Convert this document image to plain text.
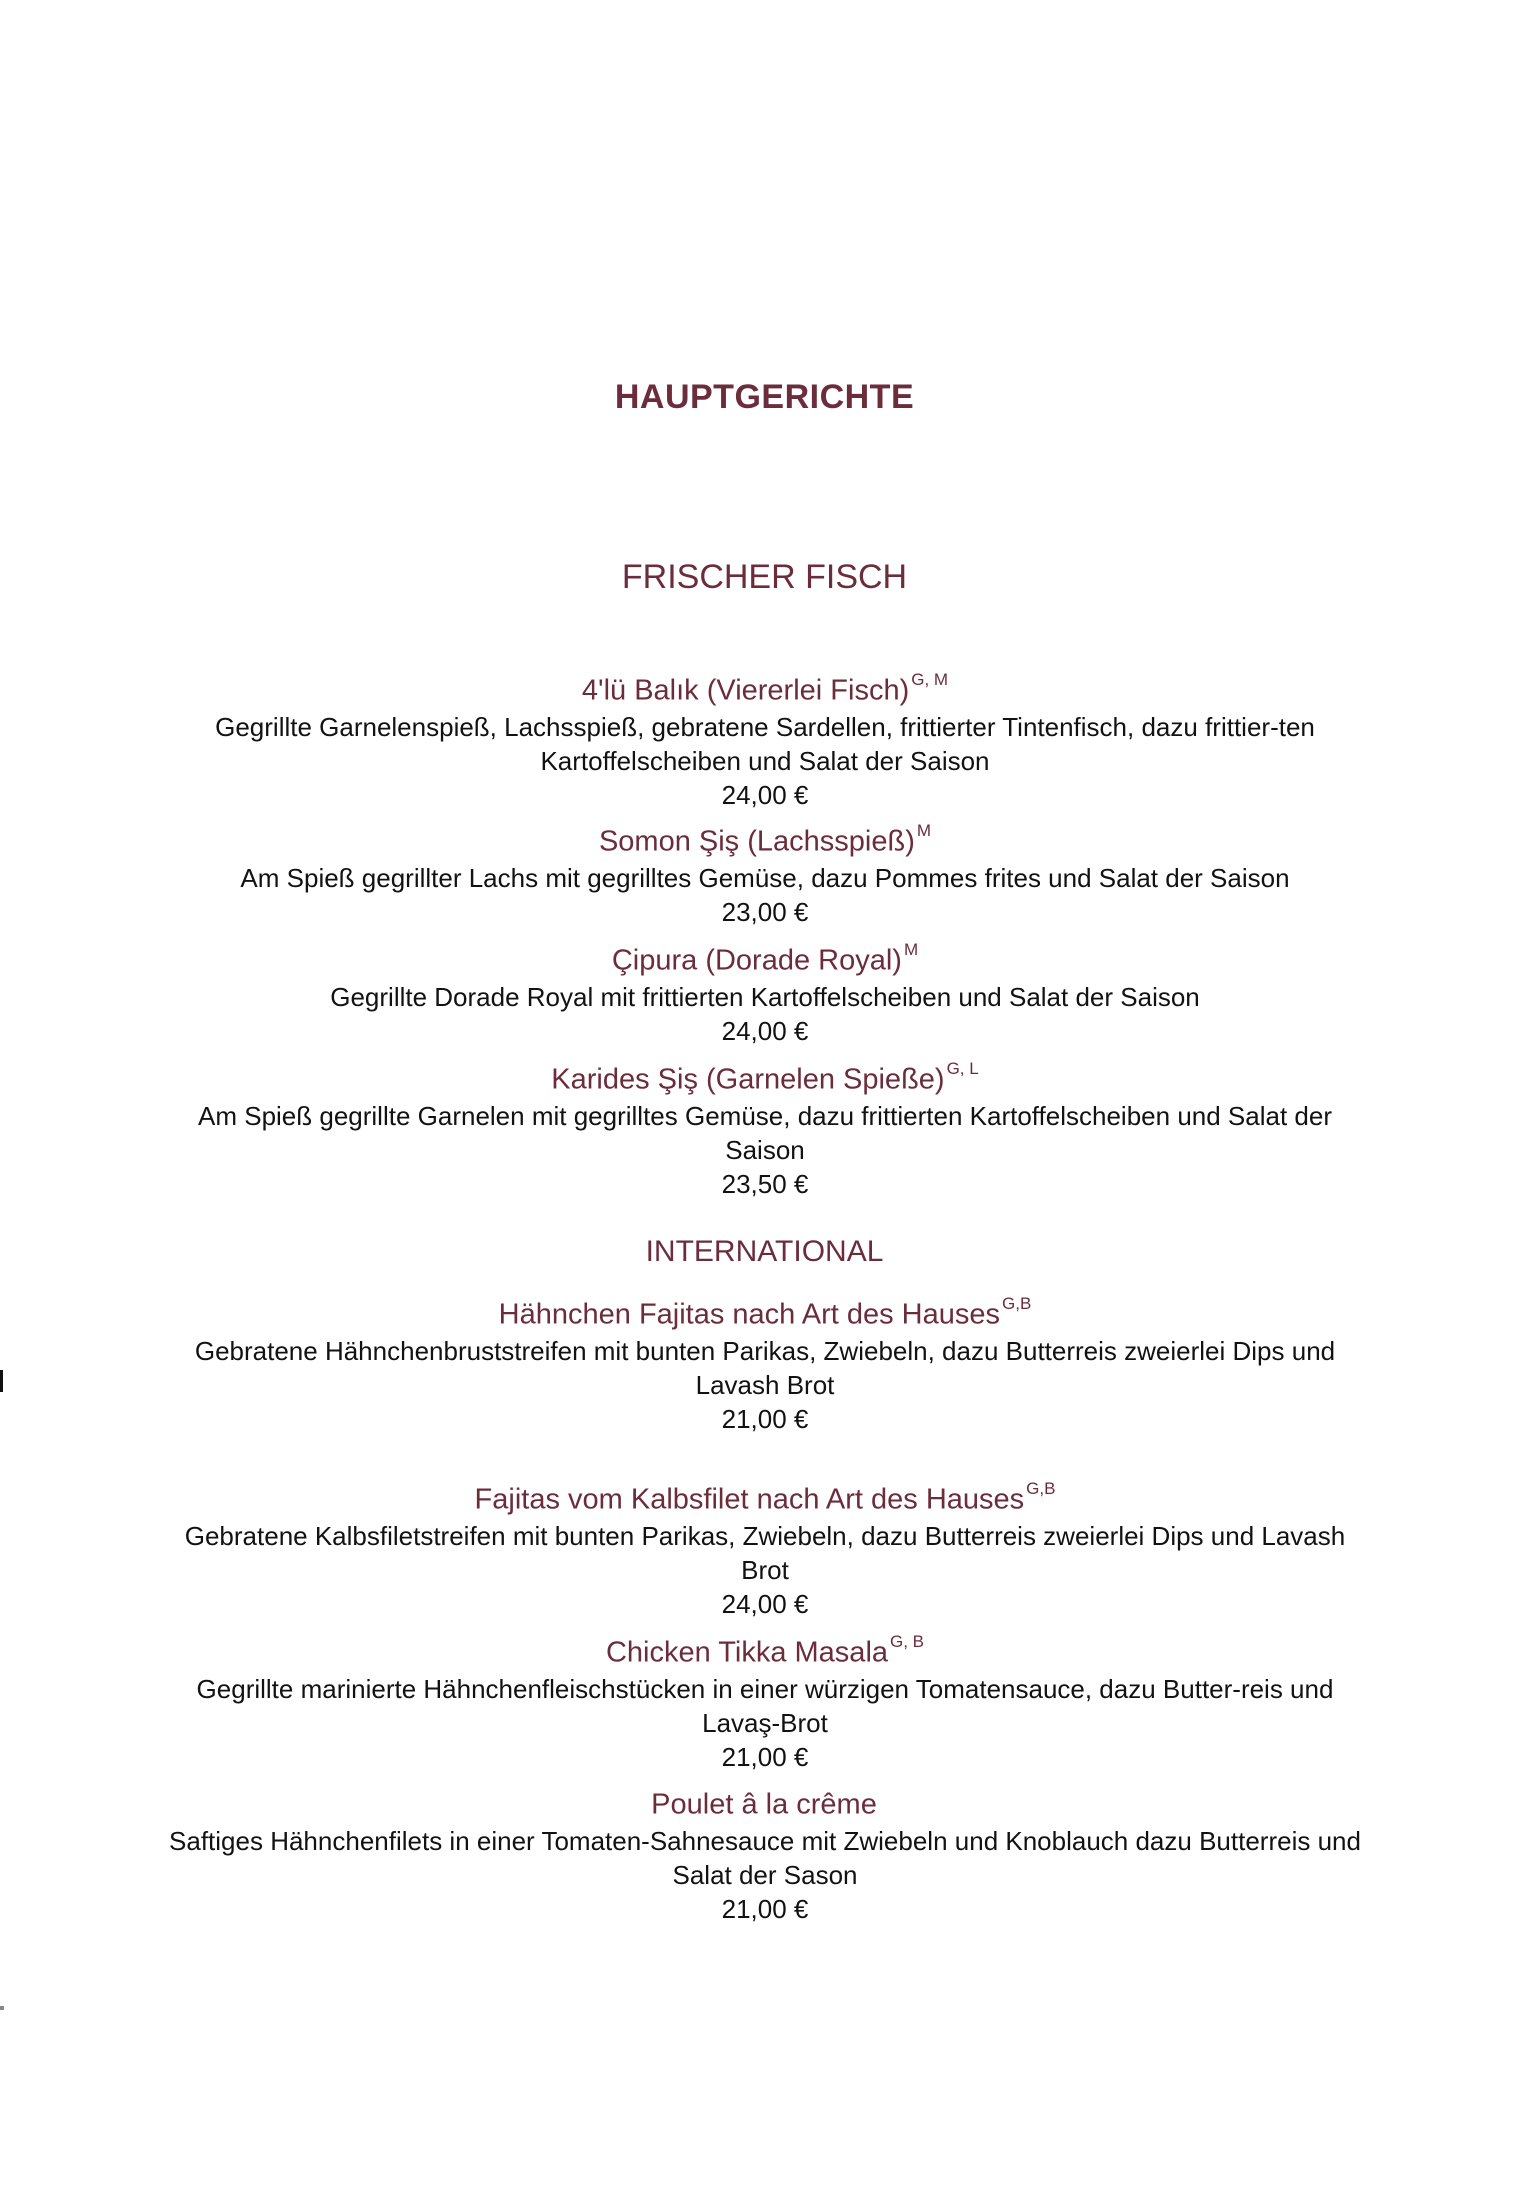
HAUPTGERICHTE
FRISCHER FISCH
4'lü Balık (Viererlei Fisch) $^{G, M}$
Gegrillte Garnelenspieß, Lachsspieß, gebratene Sardellen, frittierter Tintenfisch, dazu frittier-ten Kartoffelscheiben und Salat der Saison
24,00 €
Somon Şiş (Lachsspieß) $^M$
Am Spieß gegrillter Lachs mit gegrilltes Gemüse, dazu Pommes frites und Salat der Saison
23,00 €
Çipura (Dorade Royal) $^M$
Gegrillte Dorade Royal mit frittierten Kartoffelscheiben und Salat der Saison
24,00 €
Karides Şiş (Garnelen Spieße) $^{G, L}$
Am Spieß gegrillte Garnelen mit gegrilltes Gemüse, dazu frittierten Kartoffelscheiben und Salat der Saison
23,50 €
INTERNATIONAL
Hähnchen Fajitas nach Art des Hauses $^{G,B}$
Gebratene Hähnchenbruststreifen mit bunten Parikas, Zwiebeln, dazu Butterreis zweierlei Dips und Lavash Brot
21,00 €
Fajitas vom Kalbsfilet nach Art des Hauses $^{G,B}$
Gebratene Kalbsfiletstreifen mit bunten Parikas, Zwiebeln, dazu Butterreis zweierlei Dips und Lavash Brot
24,00 €
Chicken Tikka Masala $^{G, B}$
Gegrillte marinierte Hähnchenfleischstücken in einer würzigen Tomatensauce, dazu Butter-reis und Lavaş-Brot
21,00 €
Poulet â la crême
Saftiges Hähnchenfilets in einer Tomaten-Sahnesauce mit Zwiebeln und Knoblauch dazu Butterreis und Salat der Sason
21,00 €
